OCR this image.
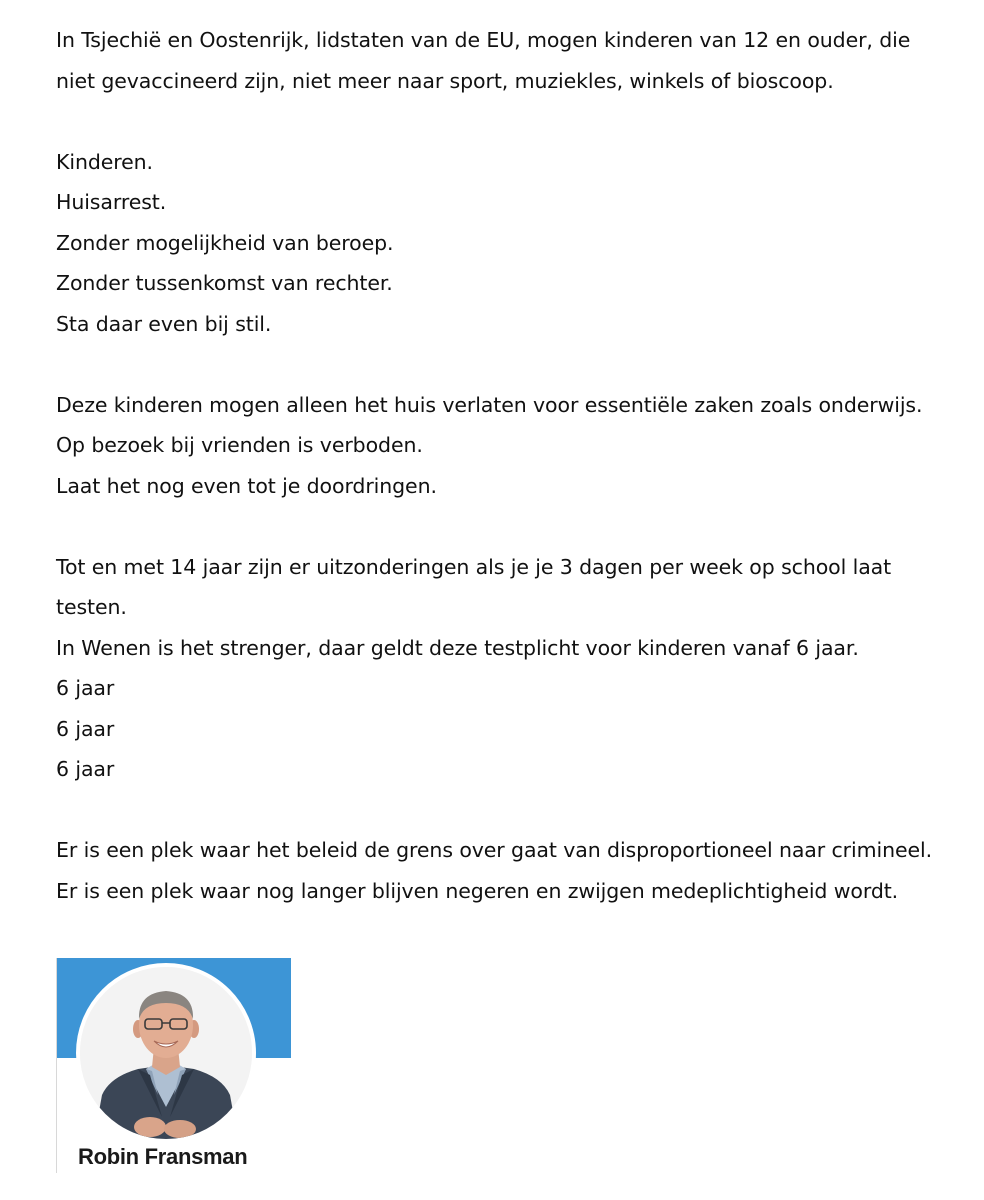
In Tsjechië en Oostenrijk, lidstaten van de EU, mogen kinderen van 12 en ouder, die
niet gevaccineerd zijn, niet meer naar sport, muziekles, winkels of bioscoop.

Kinderen.
Huisarrest.
Zonder mogelijkheid van beroep.
Zonder tussenkomst van rechter.
Sta daar even bij stil.

Deze kinderen mogen alleen het huis verlaten voor essentiële zaken zoals onderwijs.
Op bezoek bij vrienden is verboden.
Laat het nog even tot je doordringen.

Tot en met 14 jaar zijn er uitzonderingen als je je 3 dagen per week op school laat
testen.
In Wenen is het strenger, daar geldt deze testplicht voor kinderen vanaf 6 jaar.
6 jaar
6 jaar
6 jaar

Er is een plek waar het beleid de grens over gaat van disproportioneel naar crimineel.
Er is een plek waar nog langer blijven negeren en zwijgen medeplichtigheid wordt.

Robin Fransman
